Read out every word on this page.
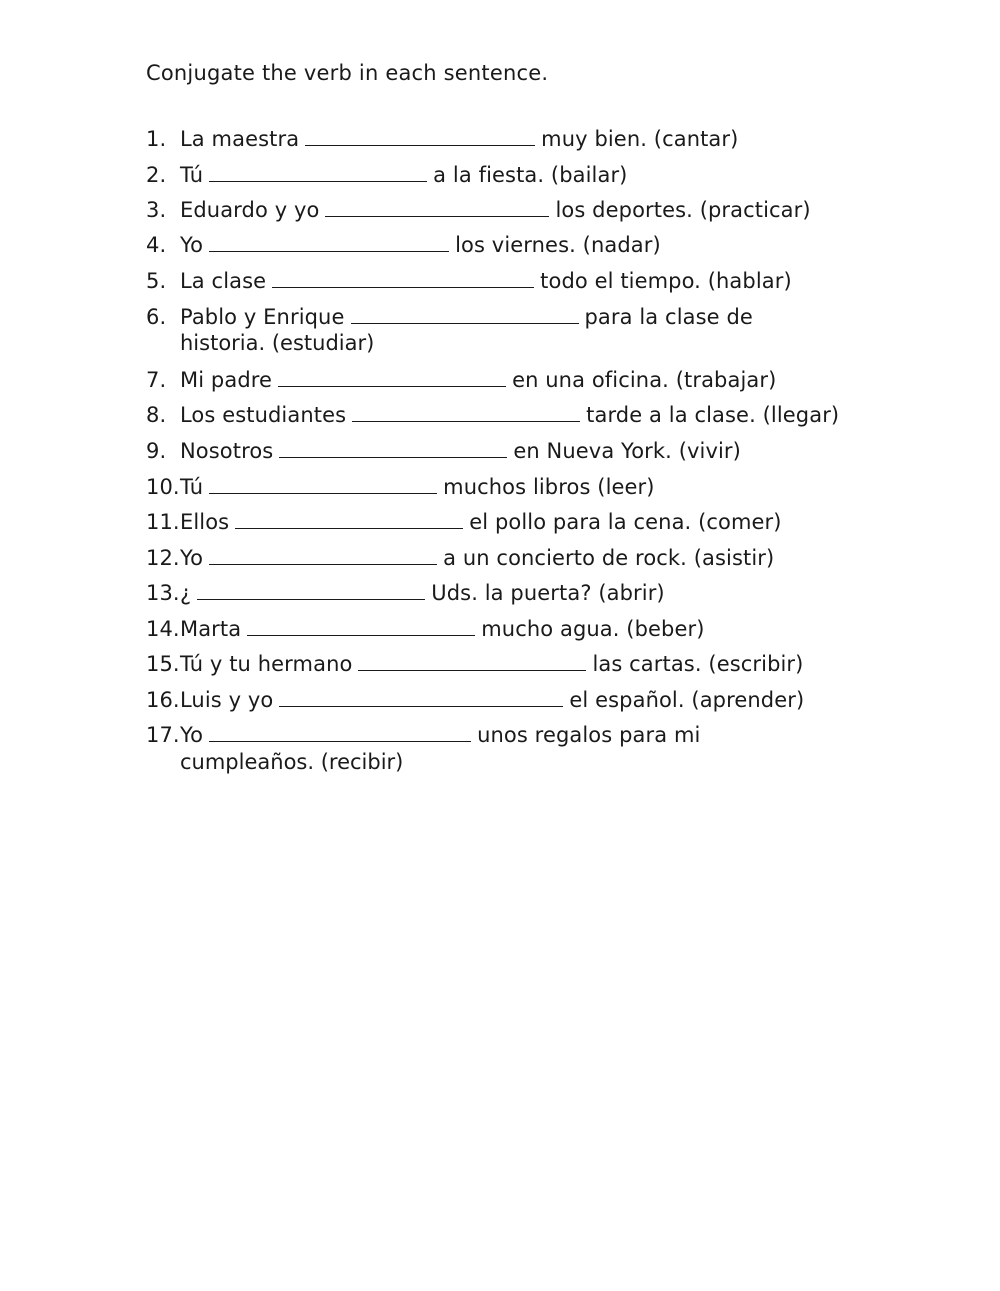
Conjugate the verb in each sentence.
1. La maestra	muy bien. (cantar)
2. Tú	a la fiesta. (bailar)
3. Eduardo y yo	los deportes. (practicar)
4. Yo	los viernes. (nadar)
5. La clase	todo el tiempo. (hablar)
6. Pablo y Enrique	para la clase de
historia. (estudiar)
7. Mi padre	en una oficina. (trabajar)
8. Los estudiantes	tarde a la clase. (llegar)
9. Nosotros	en Nueva York. (vivir)
10.Tú	muchos libros (leer)
11.Ellos	el pollo para la cena. (comer)
12.Yo	a un concierto de rock. (asistir)
13.¿	Uds. la puerta? (abrir)
14.Marta	mucho agua. (beber)
15.Tú y tu hermano	las cartas. (escribir)
16.Luis y yo	el español. (aprender)
17.Yo	unos regalos para mi
cumpleaños. (recibir)
